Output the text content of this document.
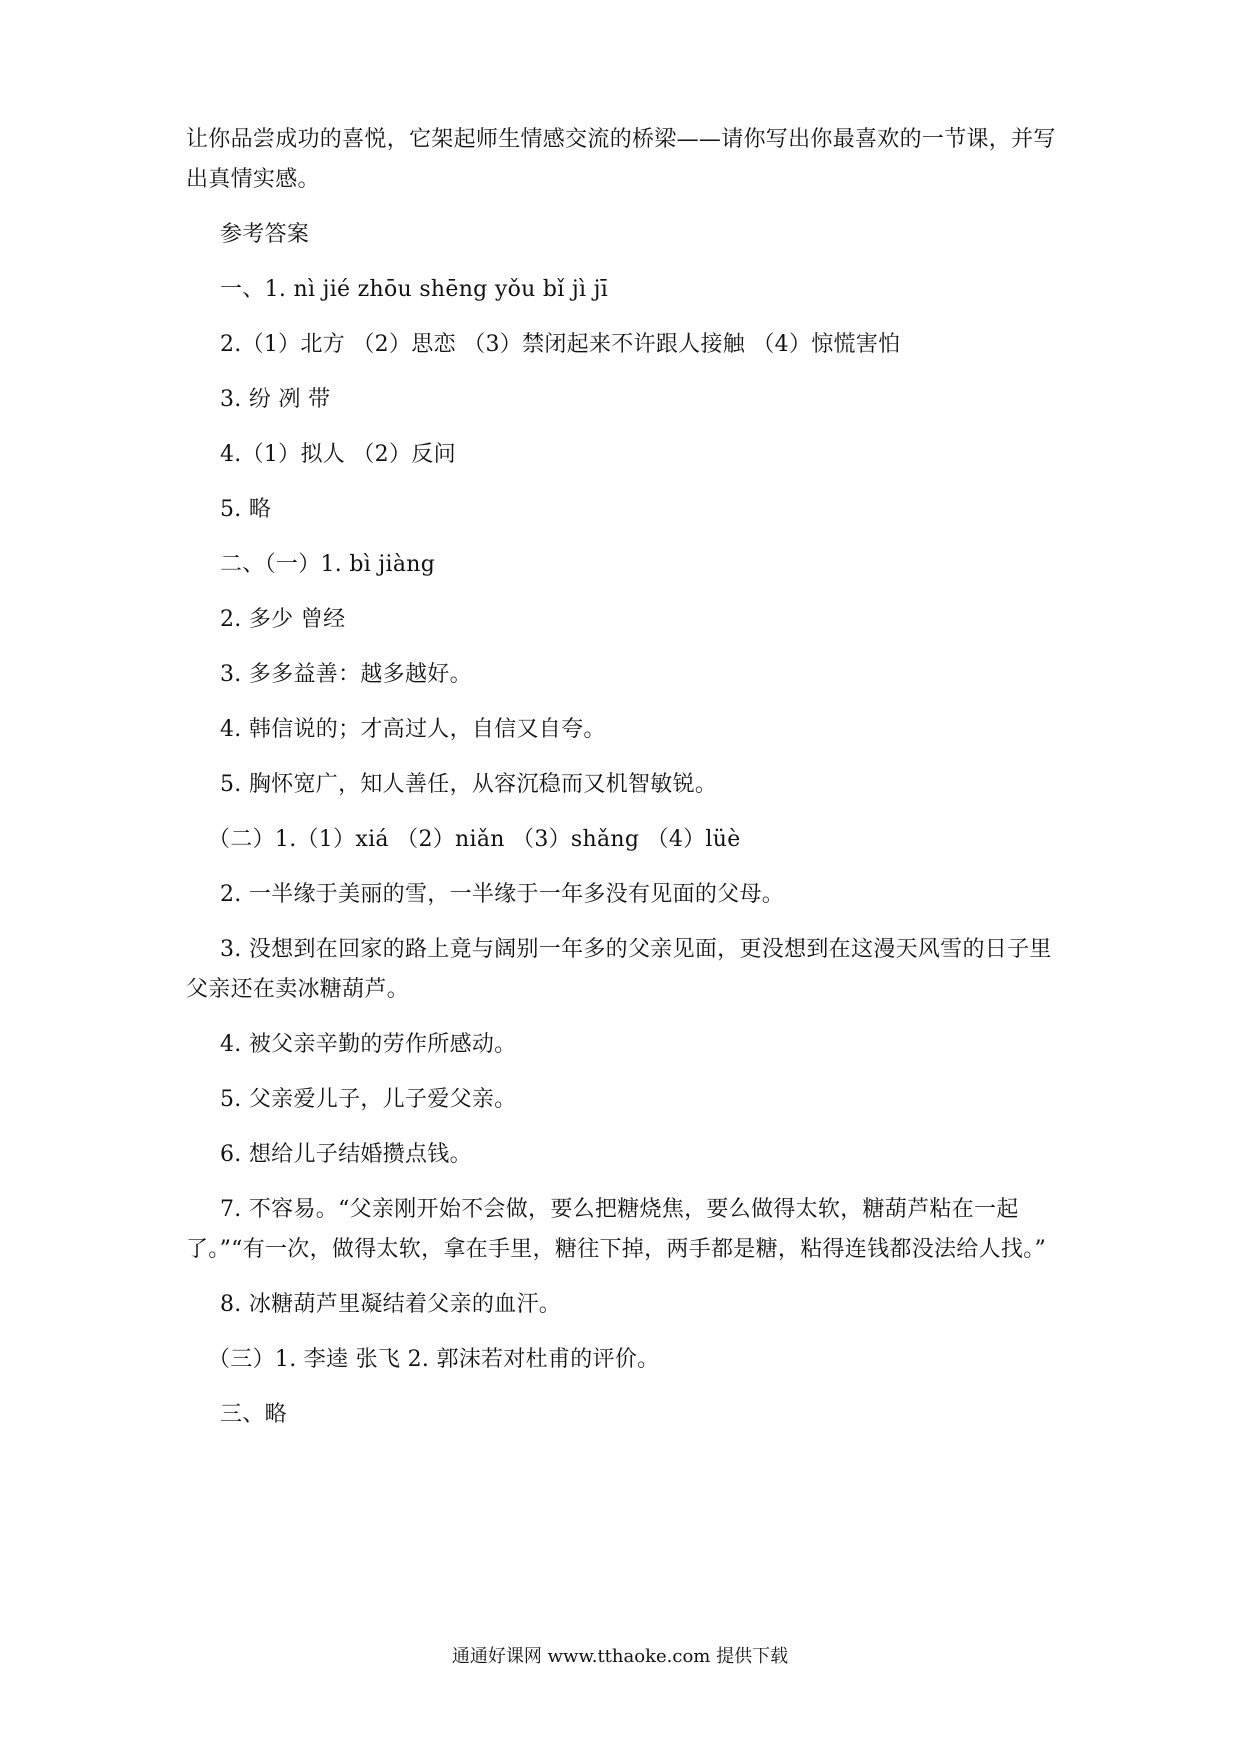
让你品尝成功的喜悦，它架起师生情感交流的桥梁——请你写出你最喜欢的一节课，并写出真情实感。

参考答案

一、1. nì jié zhōu shēng yǒu bǐ jì jī

2.（1）北方 （2）思恋 （3）禁闭起来不许跟人接触 （4）惊慌害怕

3. 纷 冽 带

4.（1）拟人 （2）反问

5. 略

二、（一）1. bì jiàng

2. 多少 曾经

3. 多多益善：越多越好。

4. 韩信说的；才高过人，自信又自夸。

5. 胸怀宽广，知人善任，从容沉稳而又机智敏锐。

（二）1.（1）xiá （2）niǎn （3）shǎng （4）lüè

2. 一半缘于美丽的雪，一半缘于一年多没有见面的父母。

3. 没想到在回家的路上竟与阔别一年多的父亲见面，更没想到在这漫天风雪的日子里父亲还在卖冰糖葫芦。

4. 被父亲辛勤的劳作所感动。

5. 父亲爱儿子，儿子爱父亲。

6. 想给儿子结婚攒点钱。

7. 不容易。“父亲刚开始不会做，要么把糖烧焦，要么做得太软，糖葫芦粘在一起了。”“有一次，做得太软，拿在手里，糖往下掉，两手都是糖，粘得连钱都没法给人找。”

8. 冰糖葫芦里凝结着父亲的血汗。

（三）1. 李逵 张飞 2. 郭沫若对杜甫的评价。

三、略

通通好课网 www.tthaoke.com 提供下载
